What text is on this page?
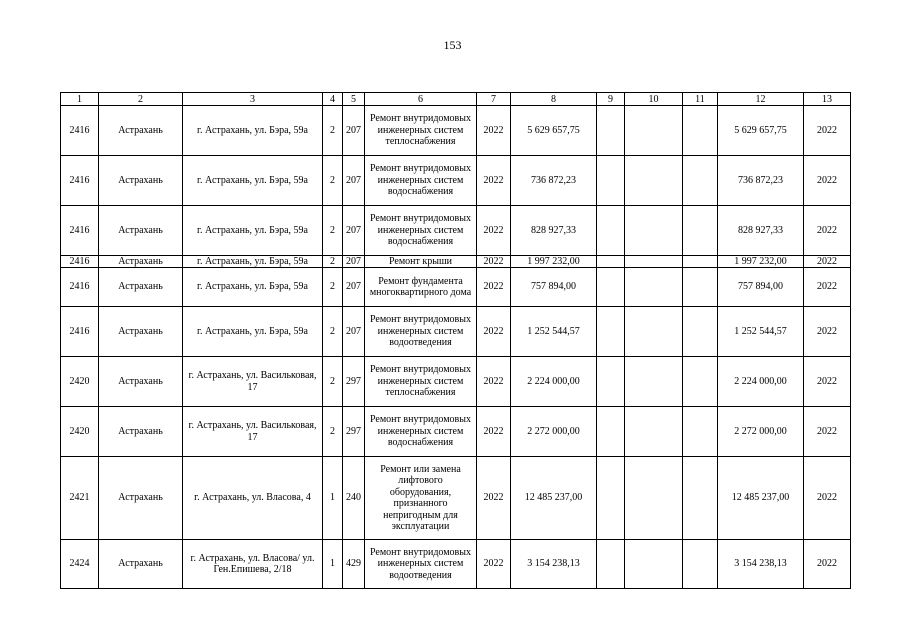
153
1	2	3	4	5	6	7	8	9	10	11	12	13
2416	Астрахань	г. Астрахань, ул. Бэра, 59а	2	207	Ремонт внутридомовых инженерных систем теплоснабжения	2022	5 629 657,75				5 629 657,75	2022
2416	Астрахань	г. Астрахань, ул. Бэра, 59а	2	207	Ремонт внутридомовых инженерных систем водоснабжения	2022	736 872,23				736 872,23	2022
2416	Астрахань	г. Астрахань, ул. Бэра, 59а	2	207	Ремонт внутридомовых инженерных систем водоснабжения	2022	828 927,33				828 927,33	2022
2416	Астрахань	г. Астрахань, ул. Бэра, 59а	2	207	Ремонт крыши	2022	1 997 232,00				1 997 232,00	2022
2416	Астрахань	г. Астрахань, ул. Бэра, 59а	2	207	Ремонт фундамента многоквартирного дома	2022	757 894,00				757 894,00	2022
2416	Астрахань	г. Астрахань, ул. Бэра, 59а	2	207	Ремонт внутридомовых инженерных систем водоотведения	2022	1 252 544,57				1 252 544,57	2022
2420	Астрахань	г. Астрахань, ул. Васильковая, 17	2	297	Ремонт внутридомовых инженерных систем теплоснабжения	2022	2 224 000,00				2 224 000,00	2022
2420	Астрахань	г. Астрахань, ул. Васильковая, 17	2	297	Ремонт внутридомовых инженерных систем водоснабжения	2022	2 272 000,00				2 272 000,00	2022
2421	Астрахань	г. Астрахань, ул. Власова, 4	1	240	Ремонт или замена лифтового оборудования, признанного непригодным для эксплуатации	2022	12 485 237,00				12 485 237,00	2022
2424	Астрахань	г. Астрахань, ул. Власова/ ул. Ген.Епишева, 2/18	1	429	Ремонт внутридомовых инженерных систем водоотведения	2022	3 154 238,13				3 154 238,13	2022
